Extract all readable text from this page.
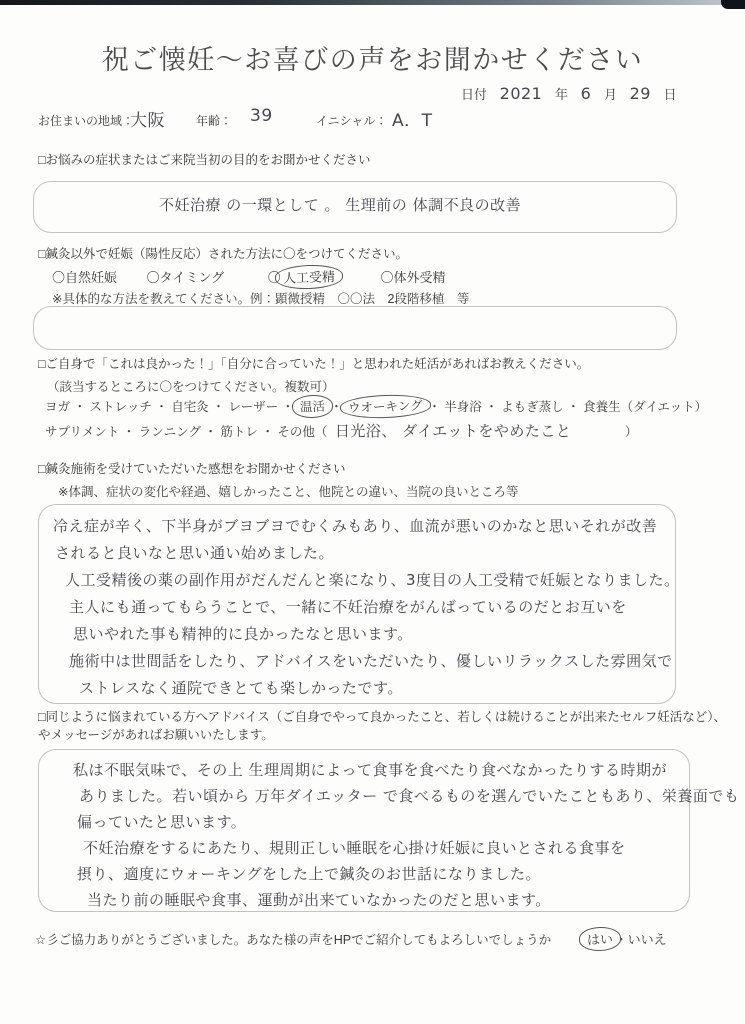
祝ご懐妊～お喜びの声をお聞かせください
日付 2021 年 6 月 29 日
お住まいの地域：
大阪	年齢： 39	イニシャル： A．T
□お悩みの症状またはご来院当初の目的をお聞かせください
不妊治療 の一環として 。 生理前の 体調不良の改善
□鍼灸以外で妊娠（陽性反応）された方法に〇をつけてください。
〇自然妊娠 〇タイミング	〇 人工受精	〇体外受精
※具体的な方法を教えてください。例：顕微授精　〇〇法　2段階移植　等
□ご自身で「これは良かった！」「自分に合っていた！」と思われた妊活があればお教えください。
（該当するところに〇をつけてください。複数可）
ヨガ ・ ストレッチ ・ 自宅灸 ・ レーザー ・ 温活 ・ ウオーキング ・ 半身浴 ・ よもぎ蒸し ・ 食養生（ダイエット）
サプリメント ・ ランニング ・ 筋トレ ・ その他（ 日光浴、 ダイエットをやめたこと	）
□鍼灸施術を受けていただいた感想をお聞かせください
※体調、症状の変化や経過、嬉しかったこと、他院との違い、当院の良いところ等
冷え症が辛く、下半身がブヨブヨでむくみもあり、血流が悪いのかなと思いそれが改善
されると良いなと思い通い始めました。
人工受精後の薬の副作用がだんだんと楽になり、3度目の人工受精で妊娠となりました。
主人にも通ってもらうことで、一緒に不妊治療をがんばっているのだとお互いを
思いやれた事も精神的に良かったなと思います。
施術中は世間話をしたり、アドバイスをいただいたり、優しいリラックスした雰囲気で
ストレスなく通院できとても楽しかったです。
□同じように悩まれている方へアドバイス（ご自身でやって良かったこと、若しくは続けることが出来たセルフ妊活など）、
やメッセージがあればお願いいたします。
私は不眠気味で、その上 生理周期によって食事を食べたり食べなかったりする時期が
ありました。若い頃から 万年ダイエッター で食べるものを選んでいたこともあり、栄養面でも
偏っていたと思います。
不妊治療をするにあたり、規則正しい睡眠を心掛け妊娠に良いとされる食事を
摂り、適度にウォーキングをした上で鍼灸のお世話になりました。
当たり前の睡眠や食事、運動が出来ていなかったのだと思います。
☆彡ご協力ありがとうございました。あなた様の声をHPでご紹介してもよろしいでしょうか	はい ・いいえ
